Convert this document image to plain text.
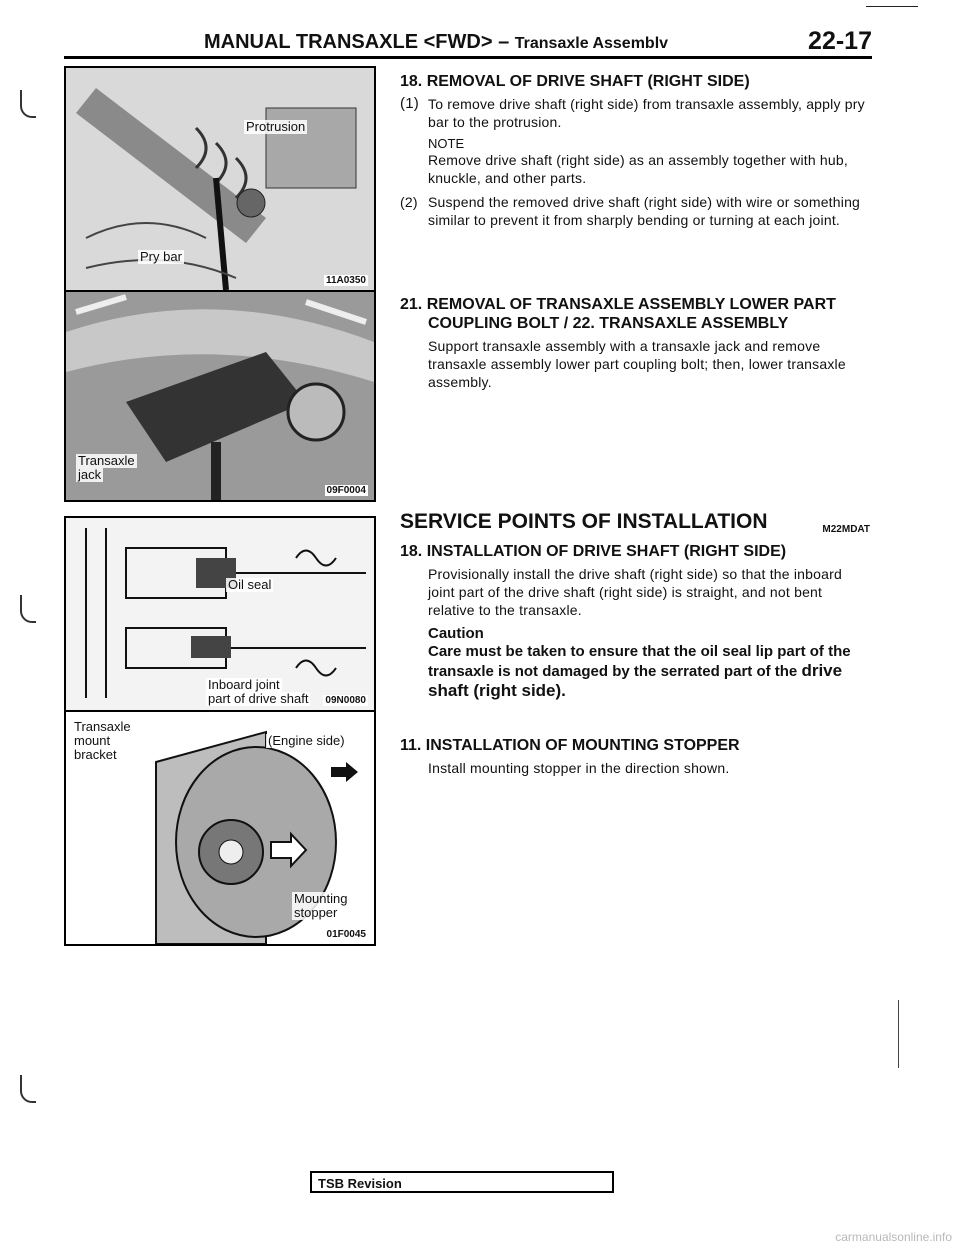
MANUAL TRANSAXLE <FWD> – Transaxle Assemblv	22-17
Protrusion
Pry bar
11A0350
Transaxle
jack
09F0004
Oil seal
Inboard joint
part of drive shaft 09N0080
Transaxle
mount
bracket
(Engine side)
Mounting
stopper
01F0045

18. REMOVAL OF DRIVE SHAFT (RIGHT SIDE)

(1) To remove drive shaft (right side) from transaxle assembly, apply pry bar to the protrusion.

NOTE

Remove drive shaft (right side) as an assembly together with hub, knuckle, and other parts.

(2) Suspend the removed drive shaft (right side) with wire or something similar to prevent it from sharply bending or turning at each joint.

21. REMOVAL OF TRANSAXLE ASSEMBLY LOWER PART

COUPLING BOLT / 22. TRANSAXLE ASSEMBLY

Support transaxle assembly with a transaxle jack and remove transaxle assembly lower part coupling bolt; then, lower transaxle assembly.

SERVICE POINTS OF INSTALLATION	M22MDAT

18. INSTALLATION OF DRIVE SHAFT (RIGHT SIDE)

Provisionally install the drive shaft (right side) so that the inboard joint part of the drive shaft (right side) is straight, and not bent relative to the transaxle.

Caution

Care must be taken to ensure that the oil seal lip part of the transaxle is not damaged by the serrated part of the drive shaft (right side).

11. INSTALLATION OF MOUNTING STOPPER

Install mounting stopper in the direction shown.

TSB Revision
carmanualsonline.info
